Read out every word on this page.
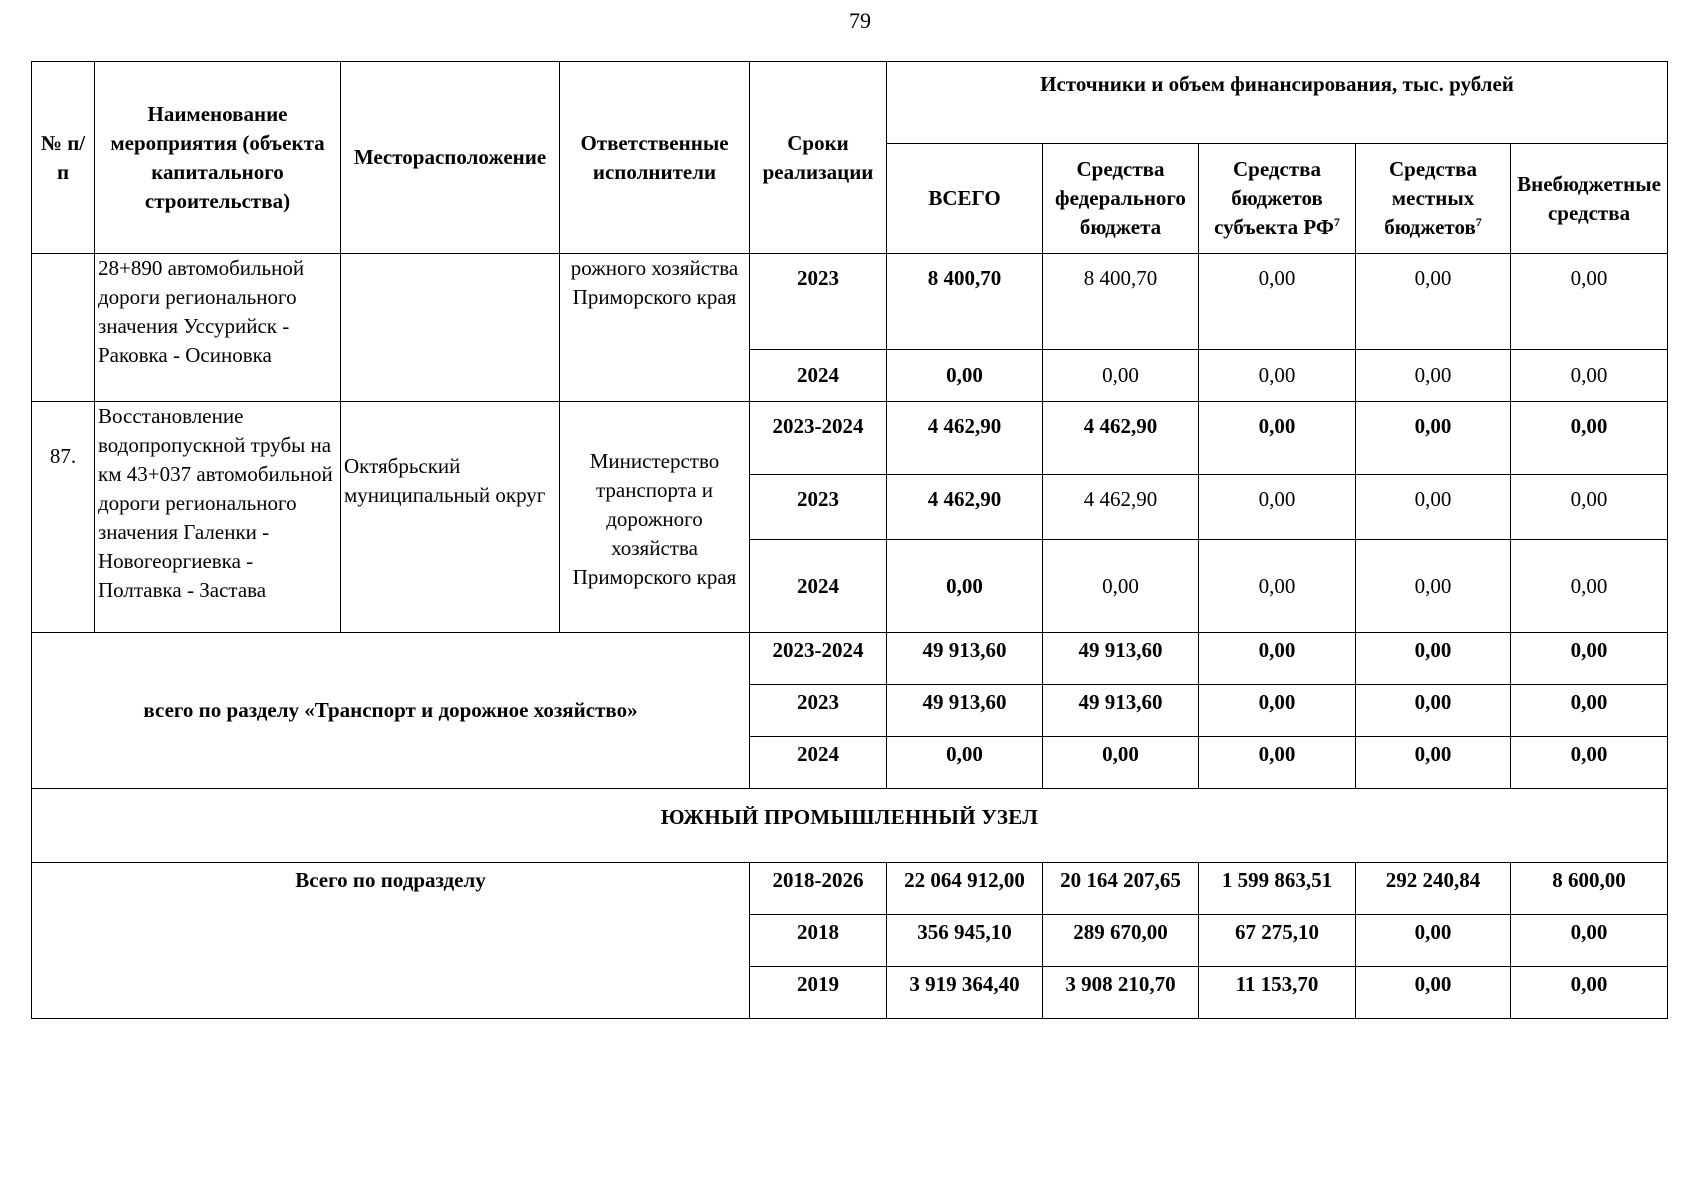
79
№ п/п	Наименование мероприятия (объекта капитального строительства)	Месторасположение	Ответственные исполнители	Сроки реализации	Источники и объем финансирования, тыс. рублей				
					ВСЕГО	Средства федерального бюджета	Средства бюджетов субъекта $РФ^7$	Средства местных бюджетов$^7$	Внебюджетные средства
	28+890 автомобильной дороги регионального значения Уссурийск - Раковка - Осиновка		рожного хозяйства Приморского края	2023	8 400,70	8 400,70	0,00	0,00	0,00
				2024	0,00	0,00	0,00	0,00	0,00
87.	Восстановление водопропускной трубы на км 43+037 автомобильной дороги регионального значения Галенки - Новогеоргиевка - Полтавка - Застава	Октябрьский муниципальный округ	Министерство транспорта и дорожного хозяйства Приморского края	2023-2024	4 462,90	4 462,90	0,00	0,00	0,00
				2023	4 462,90	4 462,90	0,00	0,00	0,00
				2024	0,00	0,00	0,00	0,00	0,00
всего по разделу «Транспорт и дорожное хозяйство»				2023-2024	49 913,60	49 913,60	0,00	0,00	0,00
				2023	49 913,60	49 913,60	0,00	0,00	0,00
				2024	0,00	0,00	0,00	0,00	0,00
ЮЖНЫЙ ПРОМЫШЛЕННЫЙ УЗЕЛ									
Всего по подразделу				2018-2026	22 064 912,00	20 164 207,65	1 599 863,51	292 240,84	8 600,00
				2018	356 945,10	289 670,00	67 275,10	0,00	0,00
				2019	3 919 364,40	3 908 210,70	11 153,70	0,00	0,00
